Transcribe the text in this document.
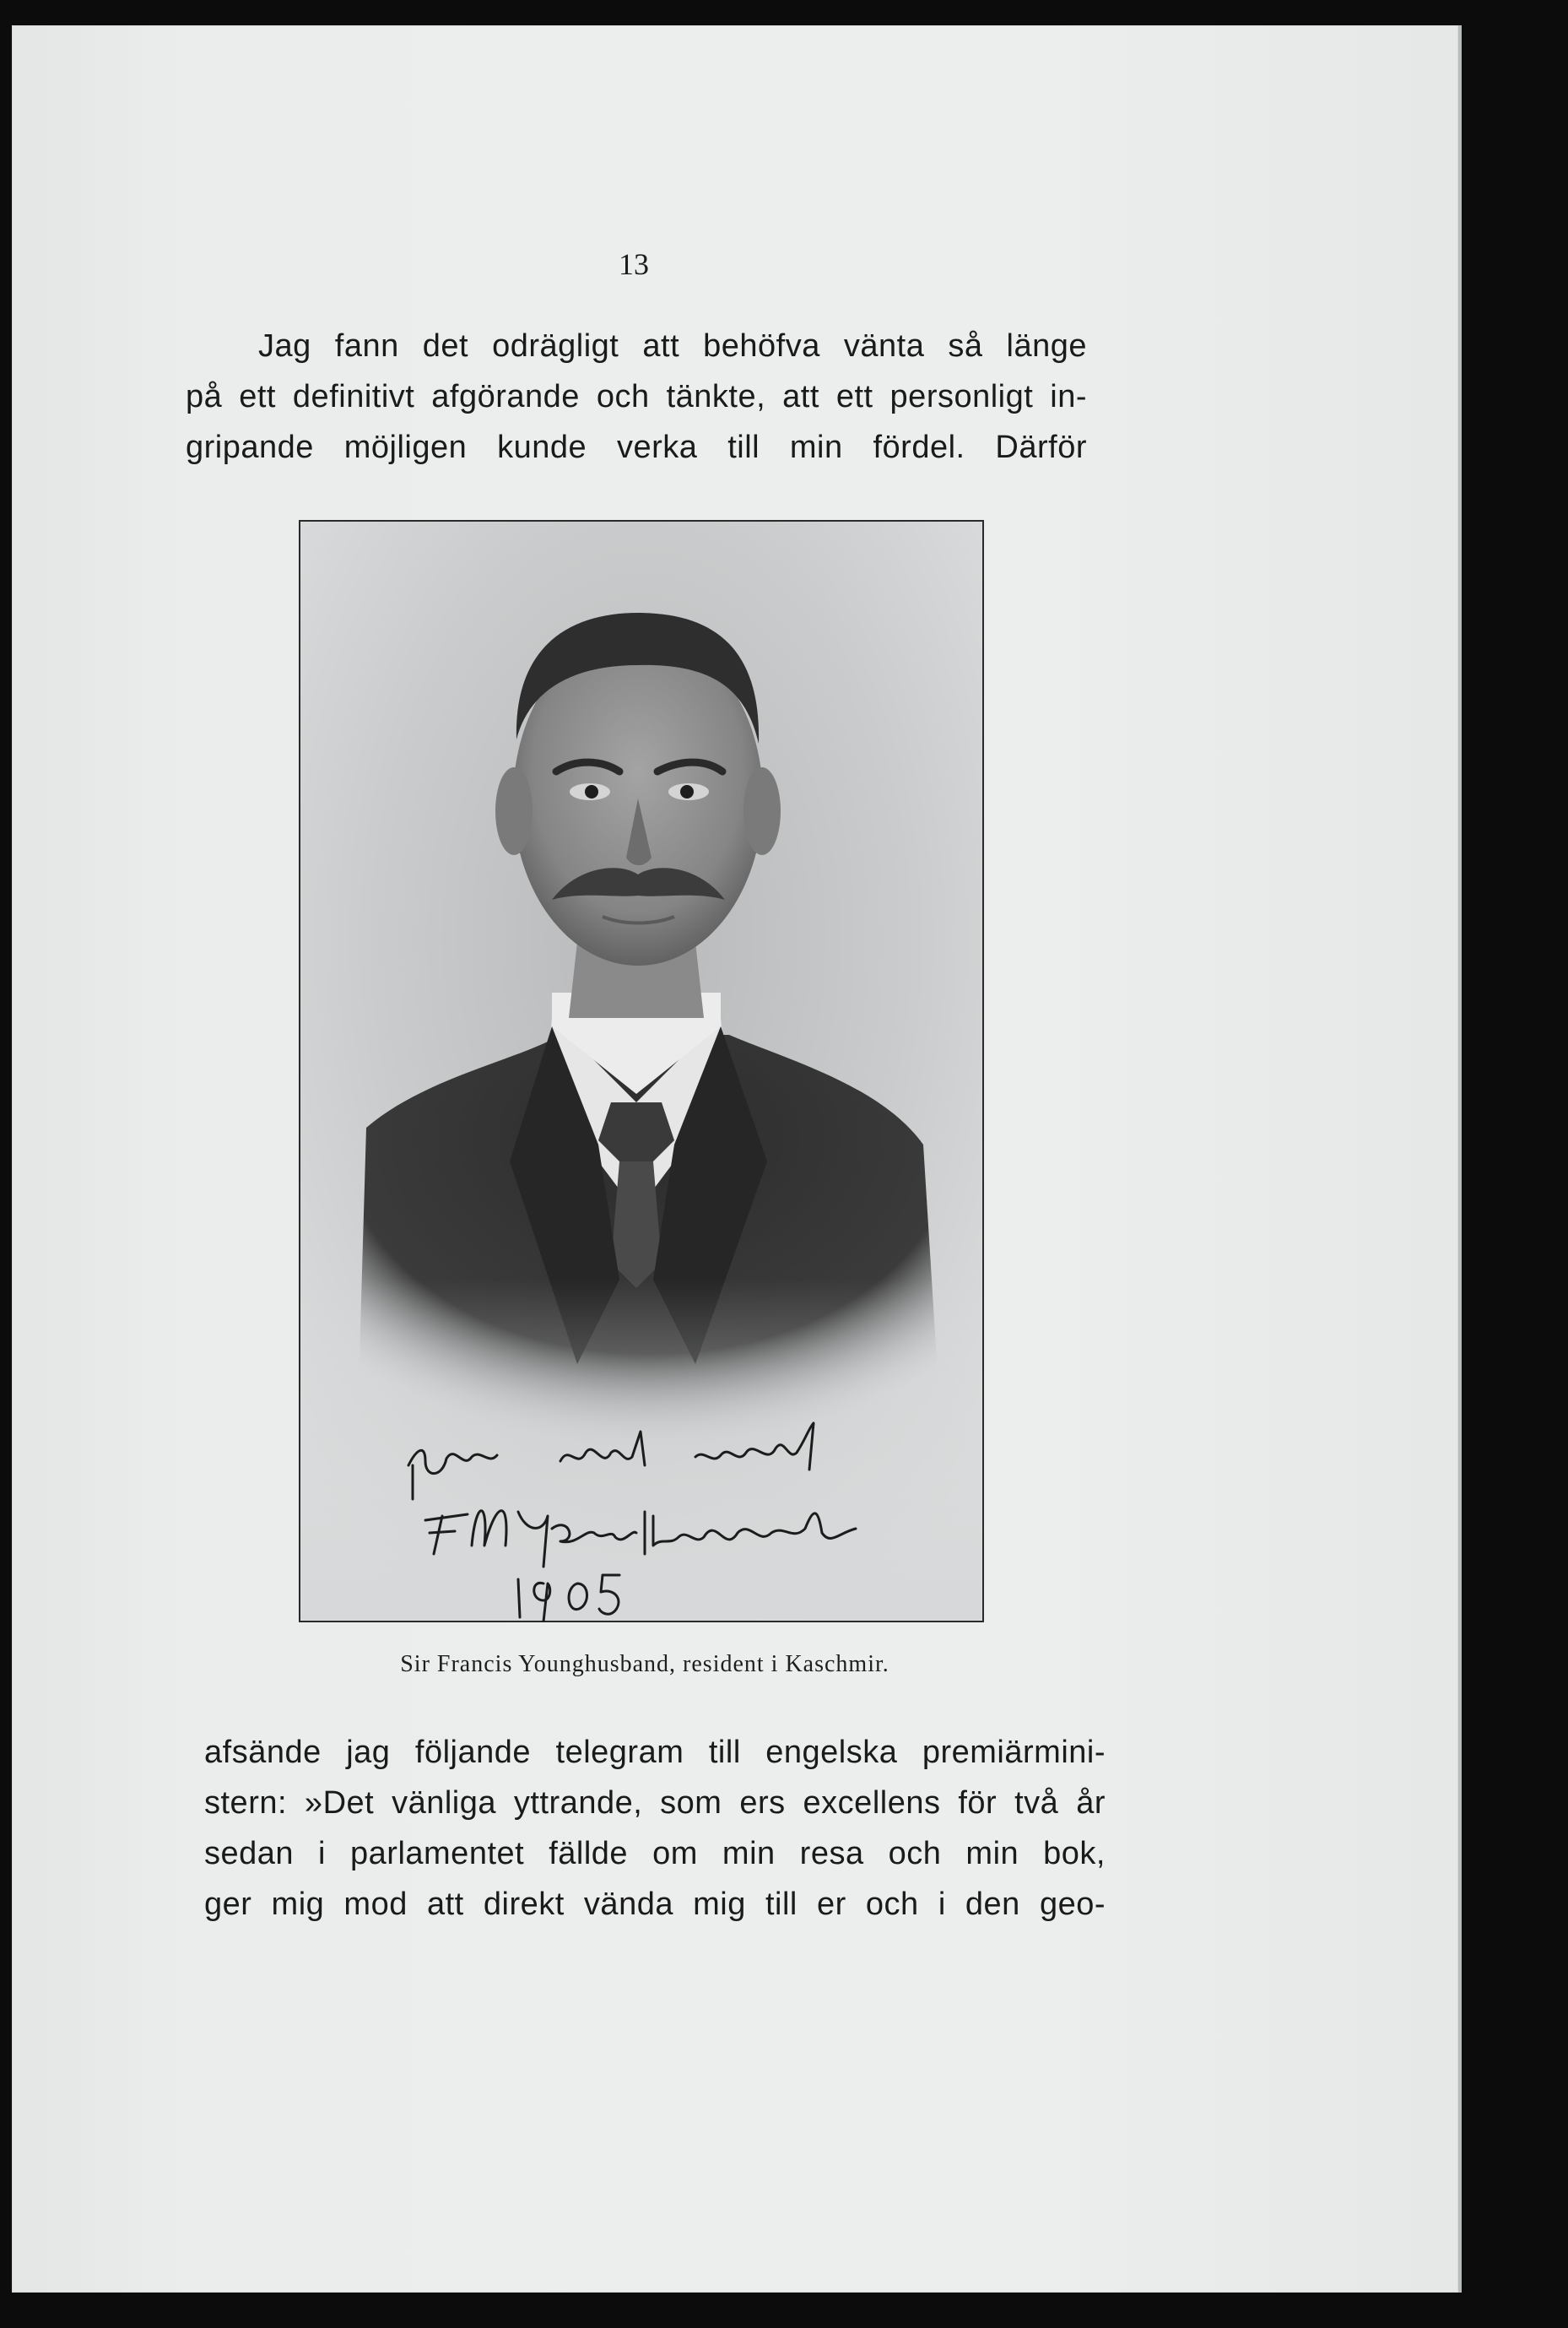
13
Jag fann det odrägligt att behöfva vänta så länge
på ett definitivt afgörande och tänkte, att ett personligt in-
gripande möjligen kunde verka till min fördel. Därför
Sir Francis Younghusband, resident i Kaschmir.
afsände jag följande telegram till engelska premiärmini-
stern: »Det vänliga yttrande, som ers excellens för två år
sedan i parlamentet fällde om min resa och min bok,
ger mig mod att direkt vända mig till er och i den geo-
